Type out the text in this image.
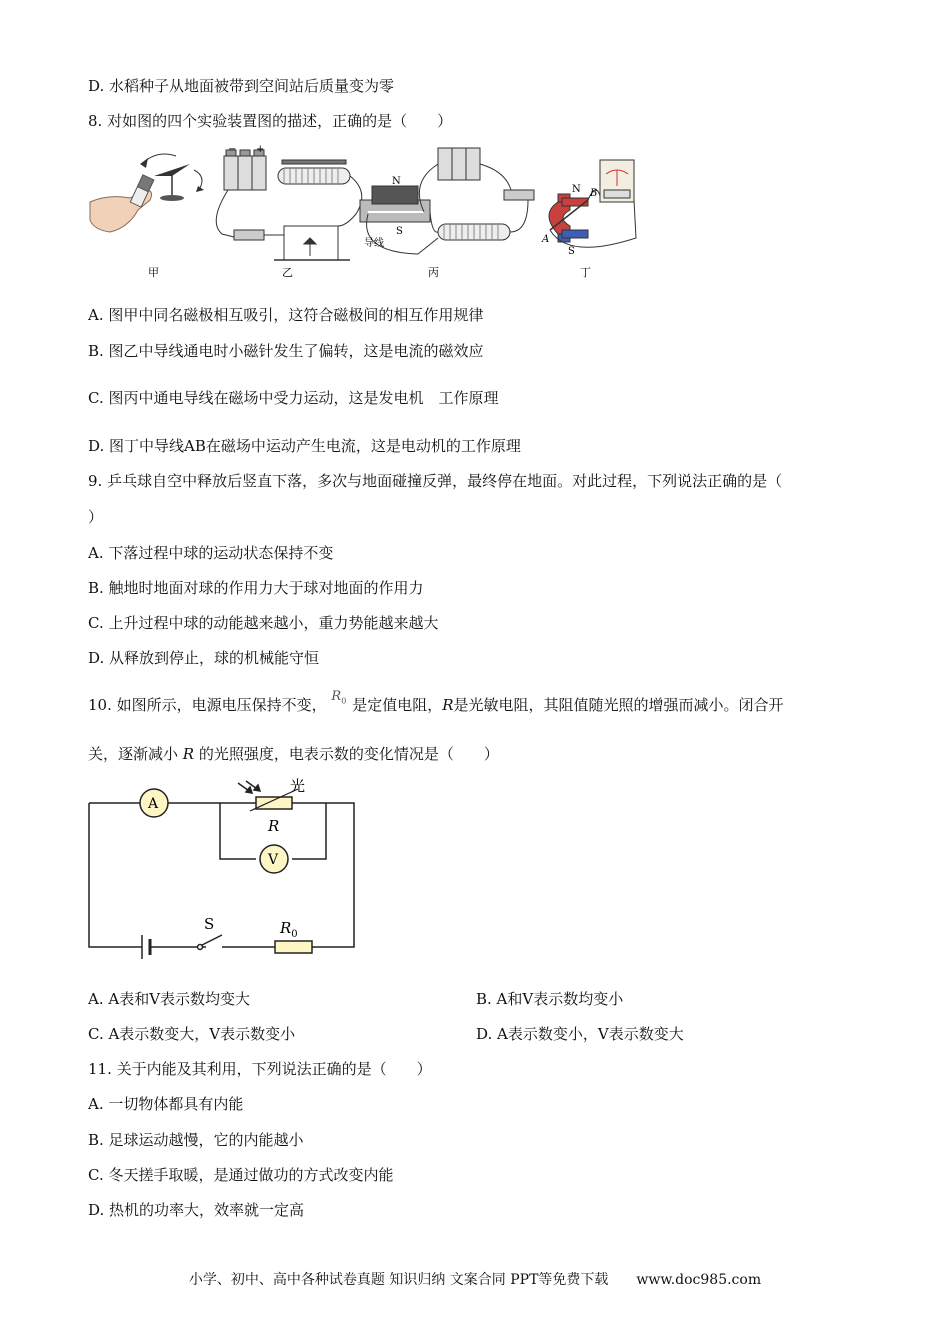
D. 水稻种子从地面被带到空间站后质量变为零
8. 对如图的四个实验装置图的描述，正确的是（　　）
甲	乙	丙	丁
− +
N
S
导线
N
S
A
B
A. 图甲中同名磁极相互吸引，这符合磁极间的相互作用规律
B. 图乙中导线通电时小磁针发生了偏转，这是电流的磁效应
C. 图丙中通电导线在磁场中受力运动，这是发电机　工作原理
D. 图丁中导线AB在磁场中运动产生电流，这是电动机的工作原理
9. 乒乓球自空中释放后竖直下落，多次与地面碰撞反弹，最终停在地面。对此过程，下列说法正确的是（
）
A. 下落过程中球的运动状态保持不变
B. 触地时地面对球的作用力大于球对地面的作用力
C. 上升过程中球的动能越来越小，重力势能越来越大
D. 从释放到停止，球的机械能守恒
10. 如图所示，电源电压保持不变， $R_0$ 是定值电阻，R是光敏电阻，其阻值随光照的增强而减小。闭合开
关，逐渐减小 R 的光照强度，电表示数的变化情况是（　　）
A
V
光
R
S	$R_0$
A. A表和V表示数均变大	B. A和V表示数均变小
C. A表示数变大，V表示数变小	D. A表示数变小，V表示数变大
11. 关于内能及其利用，下列说法正确的是（　　）
A. 一切物体都具有内能
B. 足球运动越慢，它的内能越小
C. 冬天搓手取暖，是通过做功的方式改变内能
D. 热机的功率大，效率就一定高
小学、初中、高中各种试卷真题 知识归纳 文案合同 PPT等免费下载　　www.doc985.com
